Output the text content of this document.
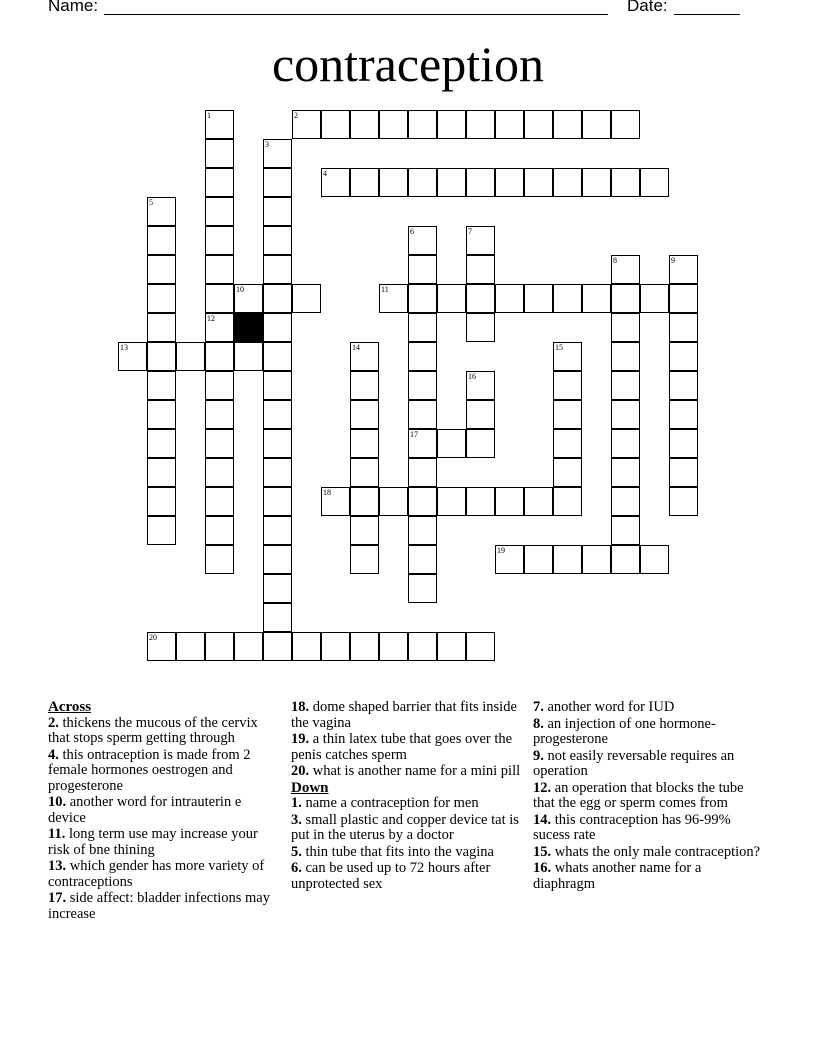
Name:	Date:
contraception
1
12
2
3
4
5
6
17
7
8	9
10	11
13	14	15
16
18
19
20
Across
2. thickens the mucous of the cervix that stops sperm getting through
4. this ontraception is made from 2 female hormones oestrogen and progesterone
10. another word for intrauterin e device
11. long term use may increase your risk of bne thining
13. which gender has more variety of contraceptions
17. side affect: bladder infections may increase
18. dome shaped barrier that fits inside the vagina
19. a thin latex tube that goes over the penis catches sperm
20. what is another name for a mini pill
Down
1. name a contraception for men
3. small plastic and copper device tat is put in the uterus by a doctor
5. thin tube that fits into the vagina
6. can be used up to 72 hours after unprotected sex
7. another word for IUD
8. an injection of one hormone- progesterone
9. not easily reversable requires an operation
12. an operation that blocks the tube that the egg or sperm comes from
14. this contraception has 96-99% sucess rate
15. whats the only male contraception?
16. whats another name for a diaphragm
